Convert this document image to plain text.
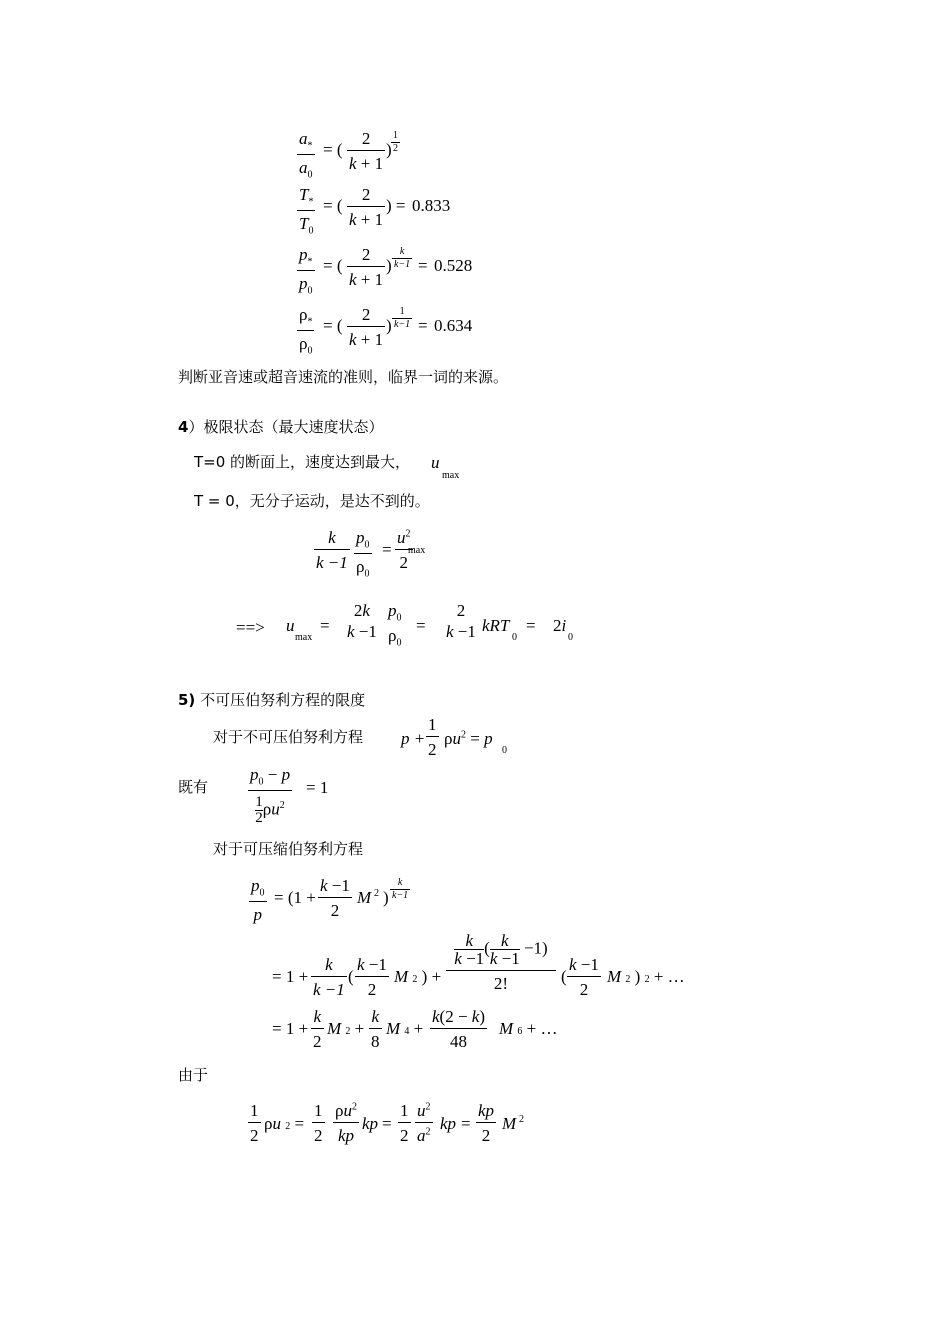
$a_*$
$a_0$
= (
2
k + 1
)
1
2
$T_*$
$T_0$
= (
2
k + 1
) = 0.833
$p_*$
$p_0$
= (
2
k + 1
)
k
k−1 = 0.528
$\rho_*$
$\rho_0$
= (
2
k + 1
)
1
k−1 = 0.634
判断亚音速或超音速流的准则，临界一词的来源。
4）极限状态（最大速度状态）
T=0 的断面上，速度达到最大， u
max
T = 0，无分子运动，是达不到的。
k
k −1
$p_0$
$\rho_0$
=
$u^2$
2
max
==> u
max
=
2k
k −1
$p_0$
$\rho_0$
=
2
k −1 kRT
0
= 2i
0
5) 不可压伯努利方程的限度
对于不可压伯努利方程 p +
1
2
$\rho u^2 = p$
0
既有
$p_0 - p$
1

2 $\rho u^2$
= 1
对于可压缩伯努利方程
$p_0$
p
= (1 +
k −1
2
M 2 )
k
k−1
= 1 +
k
k −1
(
k −1
2
M 2 ) +
$\frac{k}{k -1} (\frac{k}{k -1} -1)$
2!	(
k −1
2
M 2 ) 2 + …
= 1 +
k
2
M 2 +
k
8
M 4 +
k(2 − k)
48
M 6 + …
由于
1
2
ρu 2 =
1
2
$\rho u^2$
kp
kp =
1
2
$u^2$
$a^2$ kp =
kp
2
M 2
